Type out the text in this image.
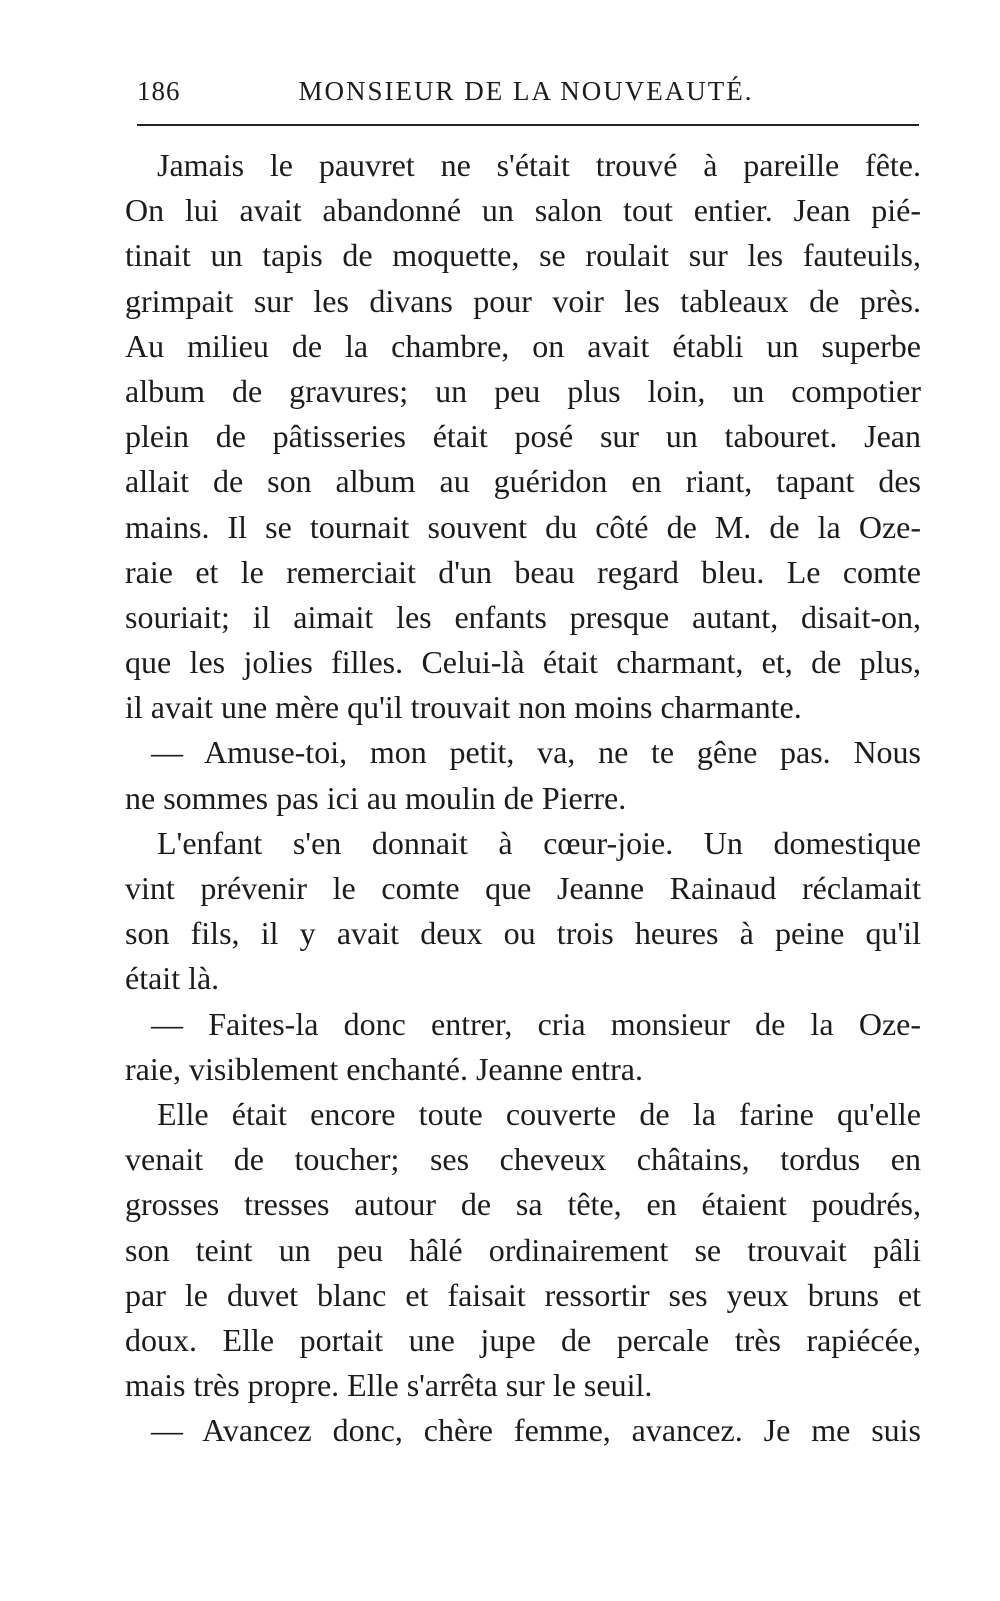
186	MONSIEUR DE LA NOUVEAUTÉ.
Jamais le pauvret ne s'était trouvé à pareille fête.
On lui avait abandonné un salon tout entier. Jean pié-
tinait un tapis de moquette, se roulait sur les fauteuils,
grimpait sur les divans pour voir les tableaux de près.
Au milieu de la chambre, on avait établi un superbe
album de gravures; un peu plus loin, un compotier
plein de pâtisseries était posé sur un tabouret. Jean
allait de son album au guéridon en riant, tapant des
mains. Il se tournait souvent du côté de M. de la Oze-
raie et le remerciait d'un beau regard bleu. Le comte
souriait; il aimait les enfants presque autant, disait-on,
que les jolies filles. Celui-là était charmant, et, de plus,
il avait une mère qu'il trouvait non moins charmante.
— Amuse-toi, mon petit, va, ne te gêne pas. Nous
ne sommes pas ici au moulin de Pierre.
L'enfant s'en donnait à cœur-joie. Un domestique
vint prévenir le comte que Jeanne Rainaud réclamait
son fils, il y avait deux ou trois heures à peine qu'il
était là.
— Faites-la donc entrer, cria monsieur de la Oze-
raie, visiblement enchanté. Jeanne entra.
Elle était encore toute couverte de la farine qu'elle
venait de toucher; ses cheveux châtains, tordus en
grosses tresses autour de sa tête, en étaient poudrés,
son teint un peu hâlé ordinairement se trouvait pâli
par le duvet blanc et faisait ressortir ses yeux bruns et
doux. Elle portait une jupe de percale très rapiécée,
mais très propre. Elle s'arrêta sur le seuil.
— Avancez donc, chère femme, avancez. Je me suis
